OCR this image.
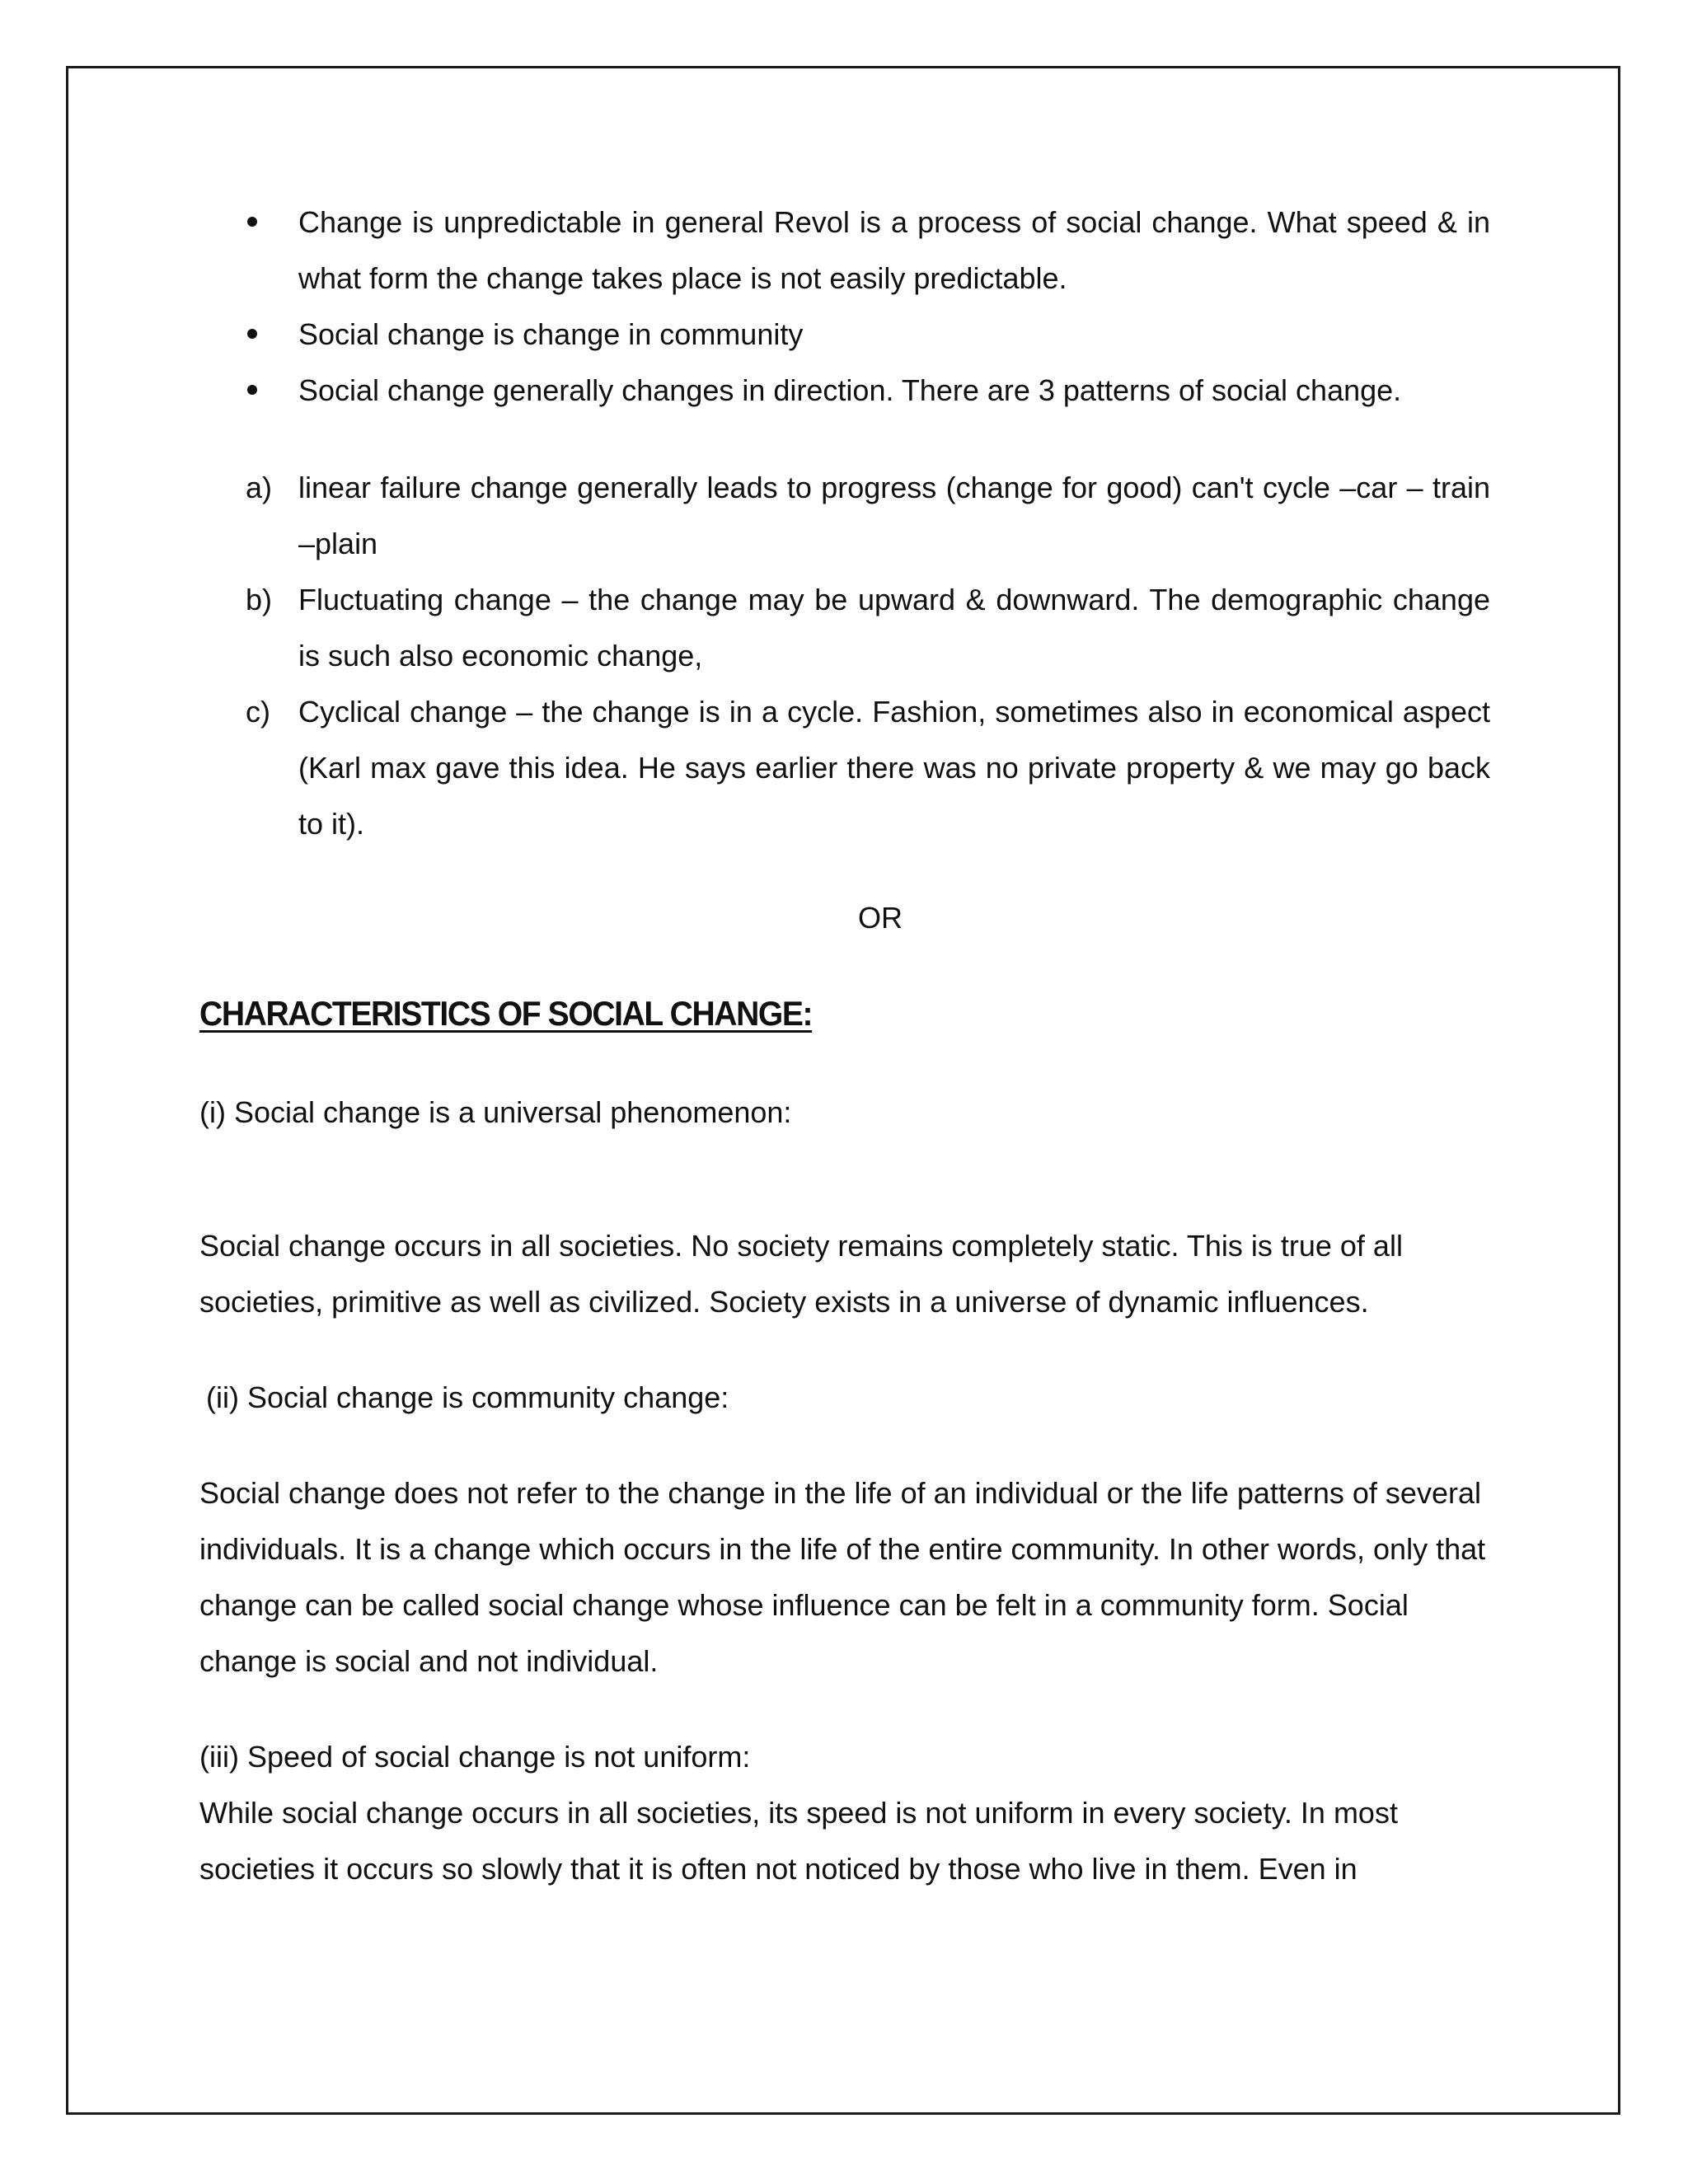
Change is unpredictable in general Revol is a process of social change. What speed & in what form the change takes place is not easily predictable.
Social change is change in community
Social change generally changes in direction. There are 3 patterns of social change.
a) linear failure change generally leads to progress (change for good) can't cycle –car – train –plain
b) Fluctuating change – the change may be upward & downward. The demographic change is such also economic change,
c) Cyclical change – the change is in a cycle. Fashion, sometimes also in economical aspect (Karl max gave this idea. He says earlier there was no private property & we may go back to it).
OR
CHARACTERISTICS OF SOCIAL CHANGE:

(i) Social change is a universal phenomenon:

Social change occurs in all societies. No society remains completely static. This is true of all societies, primitive as well as civilized. Society exists in a universe of dynamic influences.

(ii) Social change is community change:

Social change does not refer to the change in the life of an individual or the life patterns of several individuals. It is a change which occurs in the life of the entire community. In other words, only that change can be called social change whose influence can be felt in a community form. Social change is social and not individual.

(iii) Speed of social change is not uniform:

While social change occurs in all societies, its speed is not uniform in every society. In most societies it occurs so slowly that it is often not noticed by those who live in them. Even in
